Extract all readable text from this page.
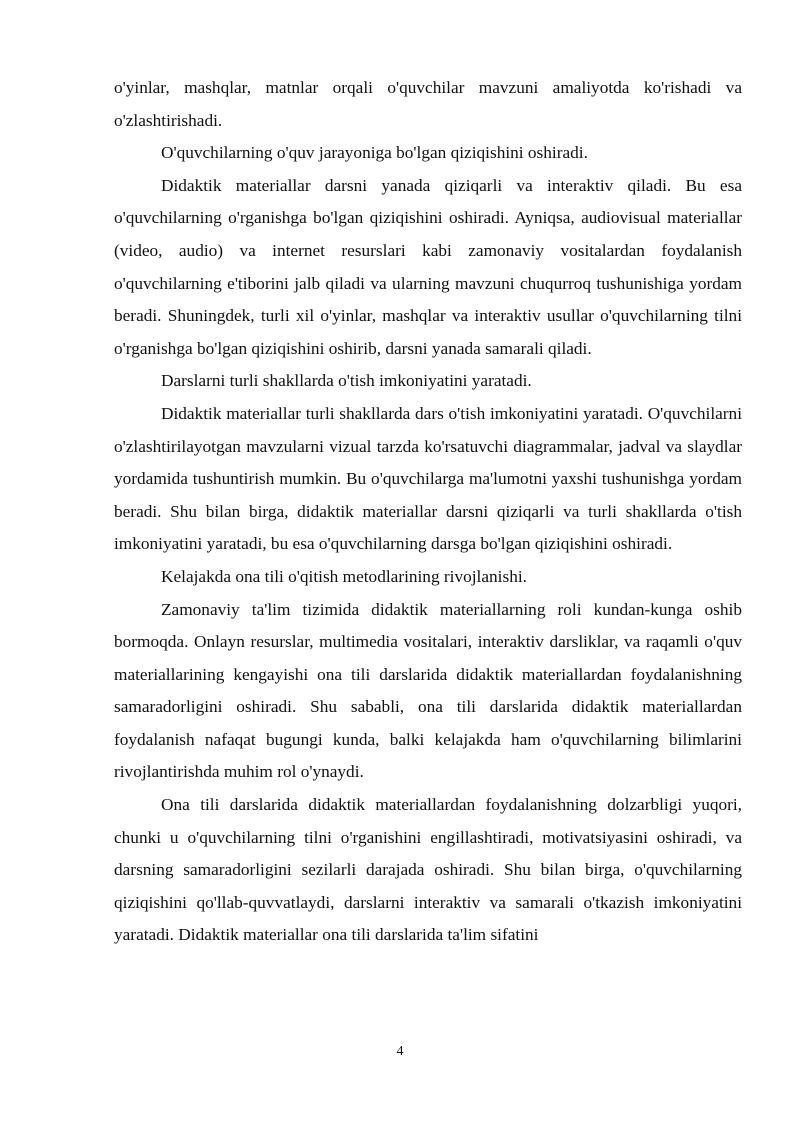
o'yinlar, mashqlar, matnlar orqali o'quvchilar mavzuni amaliyotda ko'rishadi va o'zlashtirishadi.

O'quvchilarning o'quv jarayoniga bo'lgan qiziqishini oshiradi.

Didaktik materiallar darsni yanada qiziqarli va interaktiv qiladi. Bu esa o'quvchilarning o'rganishga bo'lgan qiziqishini oshiradi. Ayniqsa, audiovisual materiallar (video, audio) va internet resurslari kabi zamonaviy vositalardan foydalanish o'quvchilarning e'tiborini jalb qiladi va ularning mavzuni chuqurroq tushunishiga yordam beradi. Shuningdek, turli xil o'yinlar, mashqlar va interaktiv usullar o'quvchilarning tilni o'rganishga bo'lgan qiziqishini oshirib, darsni yanada samarali qiladi.

Darslarni turli shakllarda o'tish imkoniyatini yaratadi.

Didaktik materiallar turli shakllarda dars o'tish imkoniyatini yaratadi. O'quvchilarni o'zlashtirilayotgan mavzularni vizual tarzda ko'rsatuvchi diagrammalar, jadval va slaydlar yordamida tushuntirish mumkin. Bu o'quvchilarga ma'lumotni yaxshi tushunishga yordam beradi. Shu bilan birga, didaktik materiallar darsni qiziqarli va turli shakllarda o'tish imkoniyatini yaratadi, bu esa o'quvchilarning darsga bo'lgan qiziqishini oshiradi.

Kelajakda ona tili o'qitish metodlarining rivojlanishi.

Zamonaviy ta'lim tizimida didaktik materiallarning roli kundan-kunga oshib bormoqda. Onlayn resurslar, multimedia vositalari, interaktiv darsliklar, va raqamli o'quv materiallarining kengayishi ona tili darslarida didaktik materiallardan foydalanishning samaradorligini oshiradi. Shu sababli, ona tili darslarida didaktik materiallardan foydalanish nafaqat bugungi kunda, balki kelajakda ham o'quvchilarning bilimlarini rivojlantirishda muhim rol o'ynaydi.

Ona tili darslarida didaktik materiallardan foydalanishning dolzarbligi yuqori, chunki u o'quvchilarning tilni o'rganishini engillashtiradi, motivatsiyasini oshiradi, va darsning samaradorligini sezilarli darajada oshiradi. Shu bilan birga, o'quvchilarning qiziqishini qo'llab-quvvatlaydi, darslarni interaktiv va samarali o'tkazish imkoniyatini yaratadi. Didaktik materiallar ona tili darslarida ta'lim sifatini

4
